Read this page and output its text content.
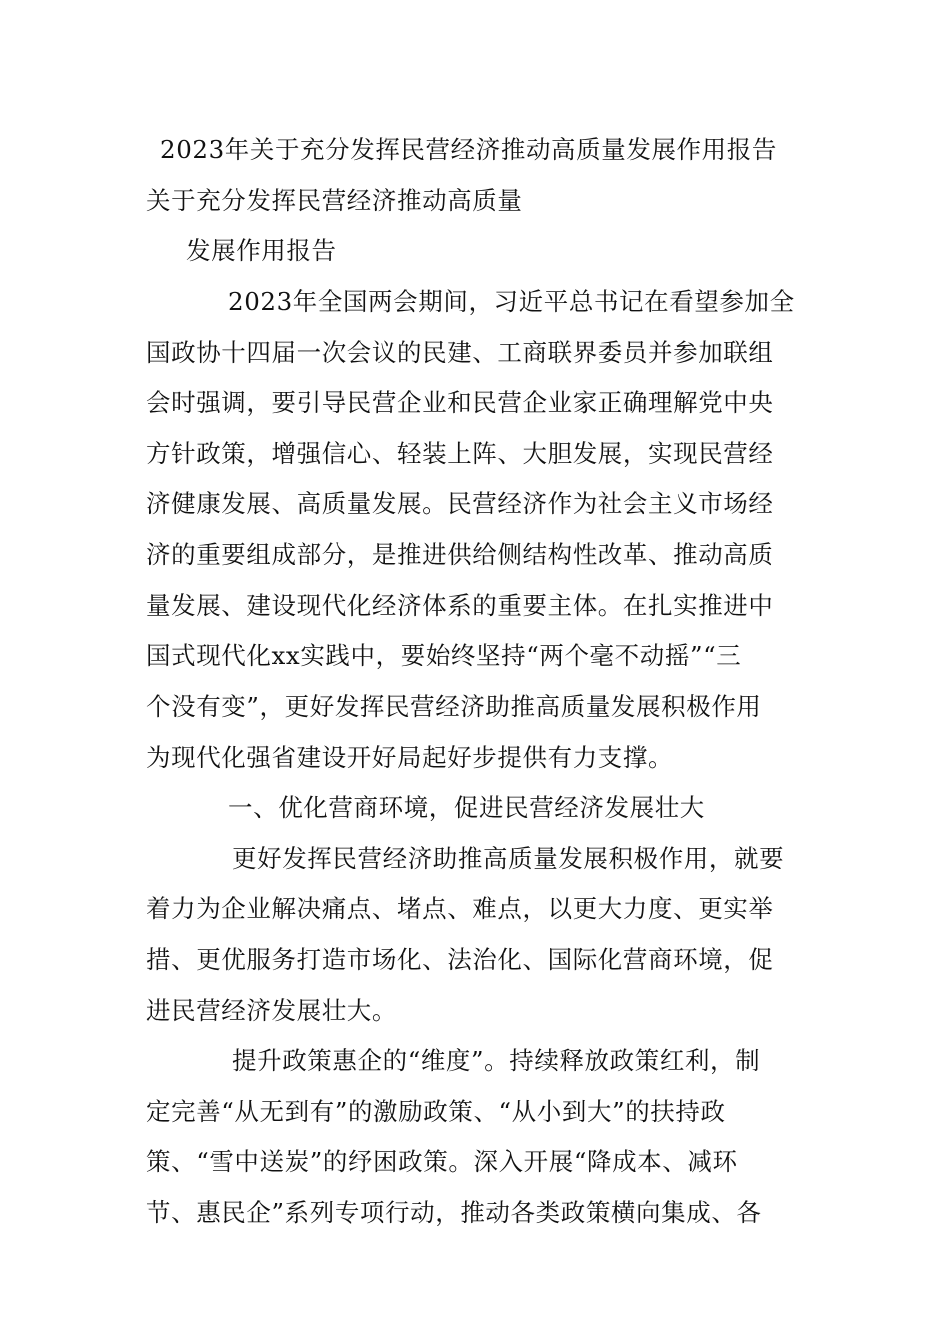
2023年关于充分发挥民营经济推动高质量发展作用报告

关于充分发挥民营经济推动高质量

发展作用报告

2023年全国两会期间，习近平总书记在看望参加全

国政协十四届一次会议的民建、工商联界委员并参加联组

会时强调，要引导民营企业和民营企业家正确理解党中央

方针政策，增强信心、轻装上阵、大胆发展，实现民营经

济健康发展、高质量发展。民营经济作为社会主义市场经

济的重要组成部分，是推进供给侧结构性改革、推动高质

量发展、建设现代化经济体系的重要主体。在扎实推进中

国式现代化xx实践中，要始终坚持“两个毫不动摇”“三

个没有变”，更好发挥民营经济助推高质量发展积极作用

为现代化强省建设开好局起好步提供有力支撑。

一、优化营商环境，促进民营经济发展壮大

更好发挥民营经济助推高质量发展积极作用，就要

着力为企业解决痛点、堵点、难点，以更大力度、更实举

措、更优服务打造市场化、法治化、国际化营商环境，促

进民营经济发展壮大。

提升政策惠企的“维度”。持续释放政策红利，制

定完善“从无到有”的激励政策、“从小到大”的扶持政

策、“雪中送炭”的纾困政策。深入开展“降成本、减环

节、惠民企”系列专项行动，推动各类政策横向集成、各
